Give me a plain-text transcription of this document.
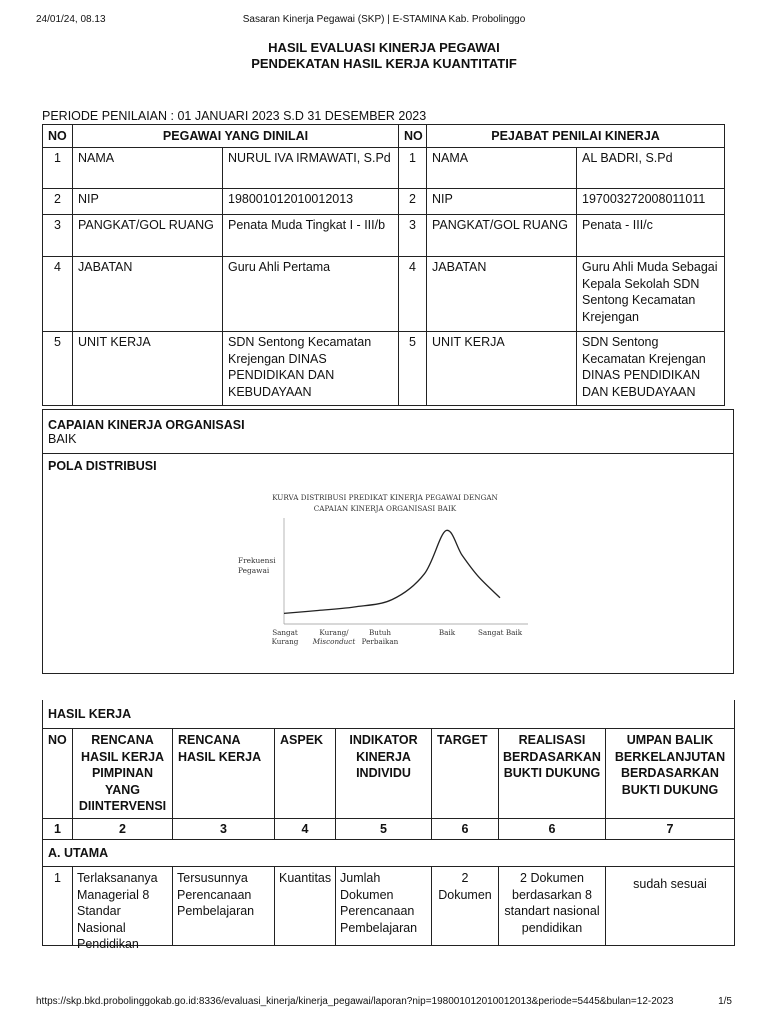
24/01/24, 08.13	Sasaran Kinerja Pegawai (SKP) | E-STAMINA Kab. Probolinggo
HASIL EVALUASI KINERJA PEGAWAI
PENDEKATAN HASIL KERJA KUANTITATIF
PERIODE PENILAIAN : 01 JANUARI 2023 S.D 31 DESEMBER 2023
NO	PEGAWAI YANG DINILAI		NO	PEJABAT PENILAI KINERJA	
1	NAMA	NURUL IVA IRMAWATI, S.Pd	1	NAMA	AL BADRI, S.Pd
2	NIP	198001012010012013	2	NIP	197003272008011011
3	PANGKAT/GOL RUANG	Penata Muda Tingkat I - III/b	3	PANGKAT/GOL RUANG	Penata - III/c
4	JABATAN	Guru Ahli Pertama	4	JABATAN	Guru Ahli Muda Sebagai Kepala Sekolah SDN Sentong Kecamatan Krejengan
5	UNIT KERJA	SDN Sentong Kecamatan Krejengan DINAS PENDIDIKAN DAN KEBUDAYAAN	5	UNIT KERJA	SDN Sentong Kecamatan Krejengan DINAS PENDIDIKAN DAN KEBUDAYAAN
CAPAIAN KINERJA ORGANISASI
BAIK
POLA DISTRIBUSI
KURVA DISTRIBUSI PREDIKAT KINERJA PEGAWAI DENGAN
CAPAIAN KINERJA ORGANISASI BAIK
Frekuensi
Pegawai
Sangat
Kurang
Kurang/
Misconduct
Butuh
Perbaikan
Baik	Sangat Baik
HASIL KERJA							
NO	RENCANA HASIL KERJA PIMPINAN YANG DIINTERVENSI	RENCANA HASIL KERJA	ASPEK	INDIKATOR KINERJA INDIVIDU	TARGET	REALISASI BERDASARKAN BUKTI DUKUNG	UMPAN BALIK BERKELANJUTAN BERDASARKAN BUKTI DUKUNG
1	2	3	4	5	6	6	7
A. UTAMA							
1	Terlaksananya Managerial 8 Standar Nasional Pendidikan	Tersusunnya Perencanaan Pembelajaran	Kuantitas	Jumlah Dokumen Perencanaan Pembelajaran	2 Dokumen	2 Dokumen berdasarkan 8 standart nasional pendidikan	sudah sesuai
https://skp.bkd.probolinggokab.go.id:8336/evaluasi_kinerja/kinerja_pegawai/laporan?nip=198001012010012013&periode=5445&bulan=12-2023	1/5
